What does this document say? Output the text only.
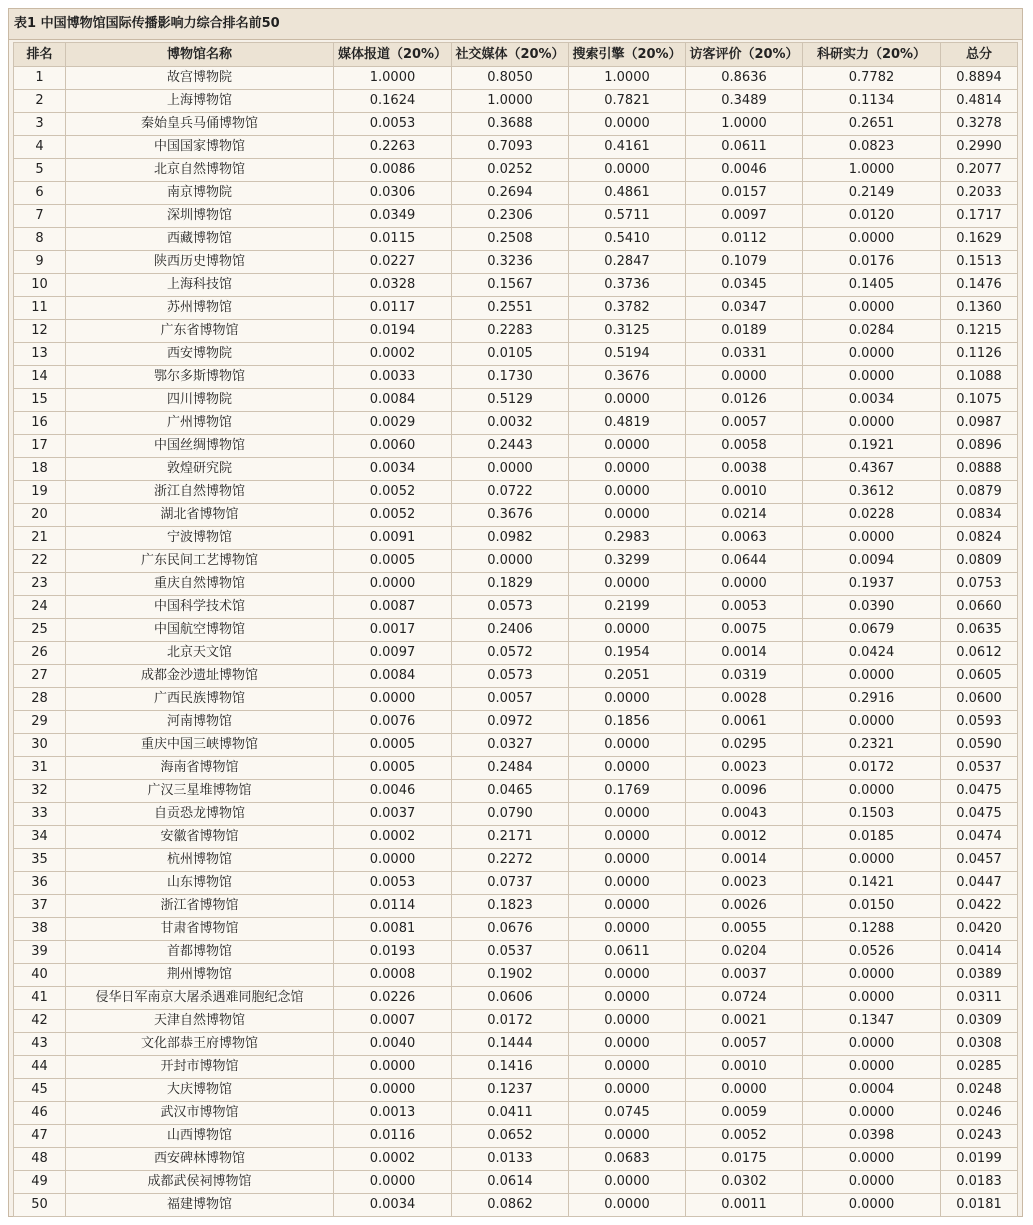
表1 中国博物馆国际传播影响力综合排名前50
排名	博物馆名称	媒体报道（20%）	社交媒体（20%）	搜索引擎（20%）	访客评价（20%）	科研实力（20%）	总分
1	故宫博物院	1.0000	0.8050	1.0000	0.8636	0.7782	0.8894
2	上海博物馆	0.1624	1.0000	0.7821	0.3489	0.1134	0.4814
3	秦始皇兵马俑博物馆	0.0053	0.3688	0.0000	1.0000	0.2651	0.3278
4	中国国家博物馆	0.2263	0.7093	0.4161	0.0611	0.0823	0.2990
5	北京自然博物馆	0.0086	0.0252	0.0000	0.0046	1.0000	0.2077
6	南京博物院	0.0306	0.2694	0.4861	0.0157	0.2149	0.2033
7	深圳博物馆	0.0349	0.2306	0.5711	0.0097	0.0120	0.1717
8	西藏博物馆	0.0115	0.2508	0.5410	0.0112	0.0000	0.1629
9	陕西历史博物馆	0.0227	0.3236	0.2847	0.1079	0.0176	0.1513
10	上海科技馆	0.0328	0.1567	0.3736	0.0345	0.1405	0.1476
11	苏州博物馆	0.0117	0.2551	0.3782	0.0347	0.0000	0.1360
12	广东省博物馆	0.0194	0.2283	0.3125	0.0189	0.0284	0.1215
13	西安博物院	0.0002	0.0105	0.5194	0.0331	0.0000	0.1126
14	鄂尔多斯博物馆	0.0033	0.1730	0.3676	0.0000	0.0000	0.1088
15	四川博物院	0.0084	0.5129	0.0000	0.0126	0.0034	0.1075
16	广州博物馆	0.0029	0.0032	0.4819	0.0057	0.0000	0.0987
17	中国丝绸博物馆	0.0060	0.2443	0.0000	0.0058	0.1921	0.0896
18	敦煌研究院	0.0034	0.0000	0.0000	0.0038	0.4367	0.0888
19	浙江自然博物馆	0.0052	0.0722	0.0000	0.0010	0.3612	0.0879
20	湖北省博物馆	0.0052	0.3676	0.0000	0.0214	0.0228	0.0834
21	宁波博物馆	0.0091	0.0982	0.2983	0.0063	0.0000	0.0824
22	广东民间工艺博物馆	0.0005	0.0000	0.3299	0.0644	0.0094	0.0809
23	重庆自然博物馆	0.0000	0.1829	0.0000	0.0000	0.1937	0.0753
24	中国科学技术馆	0.0087	0.0573	0.2199	0.0053	0.0390	0.0660
25	中国航空博物馆	0.0017	0.2406	0.0000	0.0075	0.0679	0.0635
26	北京天文馆	0.0097	0.0572	0.1954	0.0014	0.0424	0.0612
27	成都金沙遗址博物馆	0.0084	0.0573	0.2051	0.0319	0.0000	0.0605
28	广西民族博物馆	0.0000	0.0057	0.0000	0.0028	0.2916	0.0600
29	河南博物馆	0.0076	0.0972	0.1856	0.0061	0.0000	0.0593
30	重庆中国三峡博物馆	0.0005	0.0327	0.0000	0.0295	0.2321	0.0590
31	海南省博物馆	0.0005	0.2484	0.0000	0.0023	0.0172	0.0537
32	广汉三星堆博物馆	0.0046	0.0465	0.1769	0.0096	0.0000	0.0475
33	自贡恐龙博物馆	0.0037	0.0790	0.0000	0.0043	0.1503	0.0475
34	安徽省博物馆	0.0002	0.2171	0.0000	0.0012	0.0185	0.0474
35	杭州博物馆	0.0000	0.2272	0.0000	0.0014	0.0000	0.0457
36	山东博物馆	0.0053	0.0737	0.0000	0.0023	0.1421	0.0447
37	浙江省博物馆	0.0114	0.1823	0.0000	0.0026	0.0150	0.0422
38	甘肃省博物馆	0.0081	0.0676	0.0000	0.0055	0.1288	0.0420
39	首都博物馆	0.0193	0.0537	0.0611	0.0204	0.0526	0.0414
40	荆州博物馆	0.0008	0.1902	0.0000	0.0037	0.0000	0.0389
41	侵华日军南京大屠杀遇难同胞纪念馆	0.0226	0.0606	0.0000	0.0724	0.0000	0.0311
42	天津自然博物馆	0.0007	0.0172	0.0000	0.0021	0.1347	0.0309
43	文化部恭王府博物馆	0.0040	0.1444	0.0000	0.0057	0.0000	0.0308
44	开封市博物馆	0.0000	0.1416	0.0000	0.0010	0.0000	0.0285
45	大庆博物馆	0.0000	0.1237	0.0000	0.0000	0.0004	0.0248
46	武汉市博物馆	0.0013	0.0411	0.0745	0.0059	0.0000	0.0246
47	山西博物馆	0.0116	0.0652	0.0000	0.0052	0.0398	0.0243
48	西安碑林博物馆	0.0002	0.0133	0.0683	0.0175	0.0000	0.0199
49	成都武侯祠博物馆	0.0000	0.0614	0.0000	0.0302	0.0000	0.0183
50	福建博物馆	0.0034	0.0862	0.0000	0.0011	0.0000	0.0181
